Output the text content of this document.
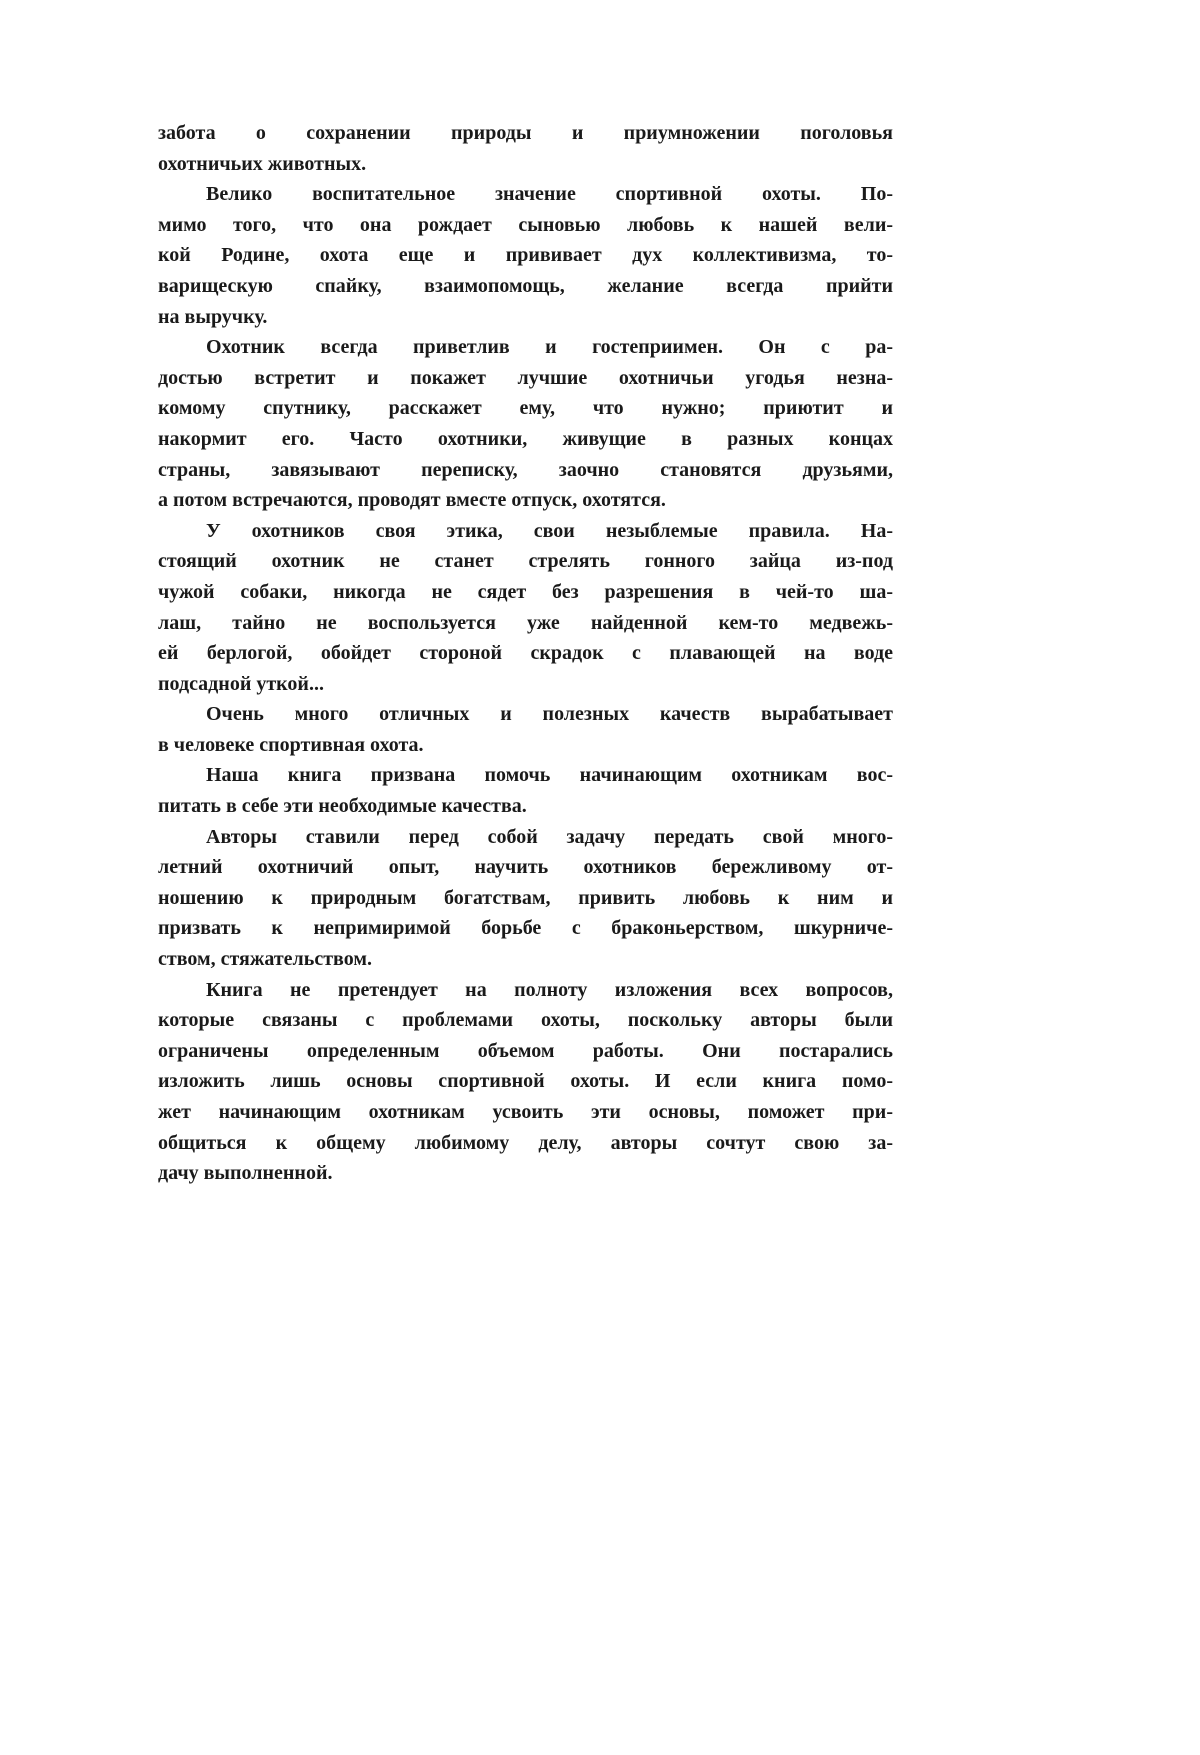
забота о сохранении природы и приумножении поголовья
охотничьих животных.
Велико воспитательное значение спортивной охоты. По-
мимо того, что она рождает сыновью любовь к нашей вели-
кой Родине, охота еще и прививает дух коллективизма, то-
варищескую спайку, взаимопомощь, желание всегда прийти
на выручку.
Охотник всегда приветлив и гостеприимен. Он с ра-
достью встретит и покажет лучшие охотничьи угодья незна-
комому спутнику, расскажет ему, что нужно; приютит и
накормит его. Часто охотники, живущие в разных концах
страны, завязывают переписку, заочно становятся друзьями,
а потом встречаются, проводят вместе отпуск, охотятся.
У охотников своя этика, свои незыблемые правила. На-
стоящий охотник не станет стрелять гонного зайца из-под
чужой собаки, никогда не сядет без разрешения в чей-то ша-
лаш, тайно не воспользуется уже найденной кем-то медвежь-
ей берлогой, обойдет стороной скрадок с плавающей на воде
подсадной уткой...
Очень много отличных и полезных качеств вырабатывает
в человеке спортивная охота.
Наша книга призвана помочь начинающим охотникам вос-
питать в себе эти необходимые качества.
Авторы ставили перед собой задачу передать свой много-
летний охотничий опыт, научить охотников бережливому от-
ношению к природным богатствам, привить любовь к ним и
призвать к непримиримой борьбе с браконьерством, шкурниче-
ством, стяжательством.
Книга не претендует на полноту изложения всех вопросов,
которые связаны с проблемами охоты, поскольку авторы были
ограничены определенным объемом работы. Они постарались
изложить лишь основы спортивной охоты. И если книга помо-
жет начинающим охотникам усвоить эти основы, поможет при-
общиться к общему любимому делу, авторы сочтут свою за-
дачу выполненной.
